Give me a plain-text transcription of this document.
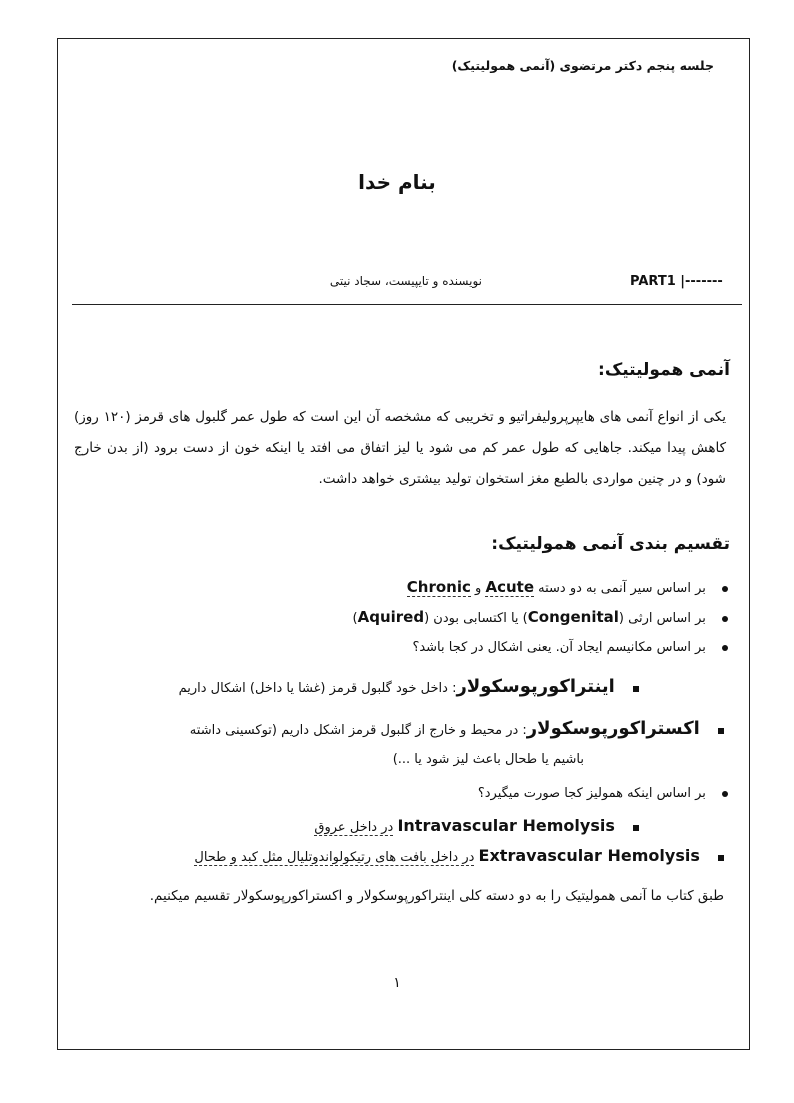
جلسه پنجم دکتر مرتضوی (آنمی همولیتیک)
بنام خدا
نویسنده و تایپیست، سجاد نیتی	PART1 |-------
آنمی همولیتیک:
یکی از انواع آنمی های هایپرپرولیفراتیو و تخریبی که مشخصه آن این است که طول عمر گلبول های قرمز (۱۲۰ روز) کاهش پیدا میکند. جاهایی که طول عمر کم می شود یا لیز اتفاق می افتد یا اینکه خون از دست برود (از بدن خارج شود) و در چنین مواردی بالطبع مغز استخوان تولید بیشتری خواهد داشت.
تقسیم بندی آنمی همولیتیک:
بر اساس سیر آنمی به دو دسته Acute و Chronic
بر اساس ارثی (Congenital) یا اکتسابی بودن (Aquired)
بر اساس مکانیسم ایجاد آن. یعنی اشکال در کجا باشد؟
اینتراکورپوسکولار: داخل خود گلبول قرمز (غشا یا داخل) اشکال داریم
اکستراکورپوسکولار: در محیط و خارج از گلبول قرمز اشکل داریم (توکسینی داشته
باشیم یا طحال باعث لیز شود یا ...)
بر اساس اینکه همولیز کجا صورت میگیرد؟
Intravascular Hemolysis در داخل عروق
Extravascular Hemolysis در داخل بافت های رتیکولواندوتلیال مثل کبد و طحال
طبق کتاب ما آنمی همولیتیک را به دو دسته کلی اینتراکورپوسکولار و اکستراکورپوسکولار تقسیم میکنیم.
۱
